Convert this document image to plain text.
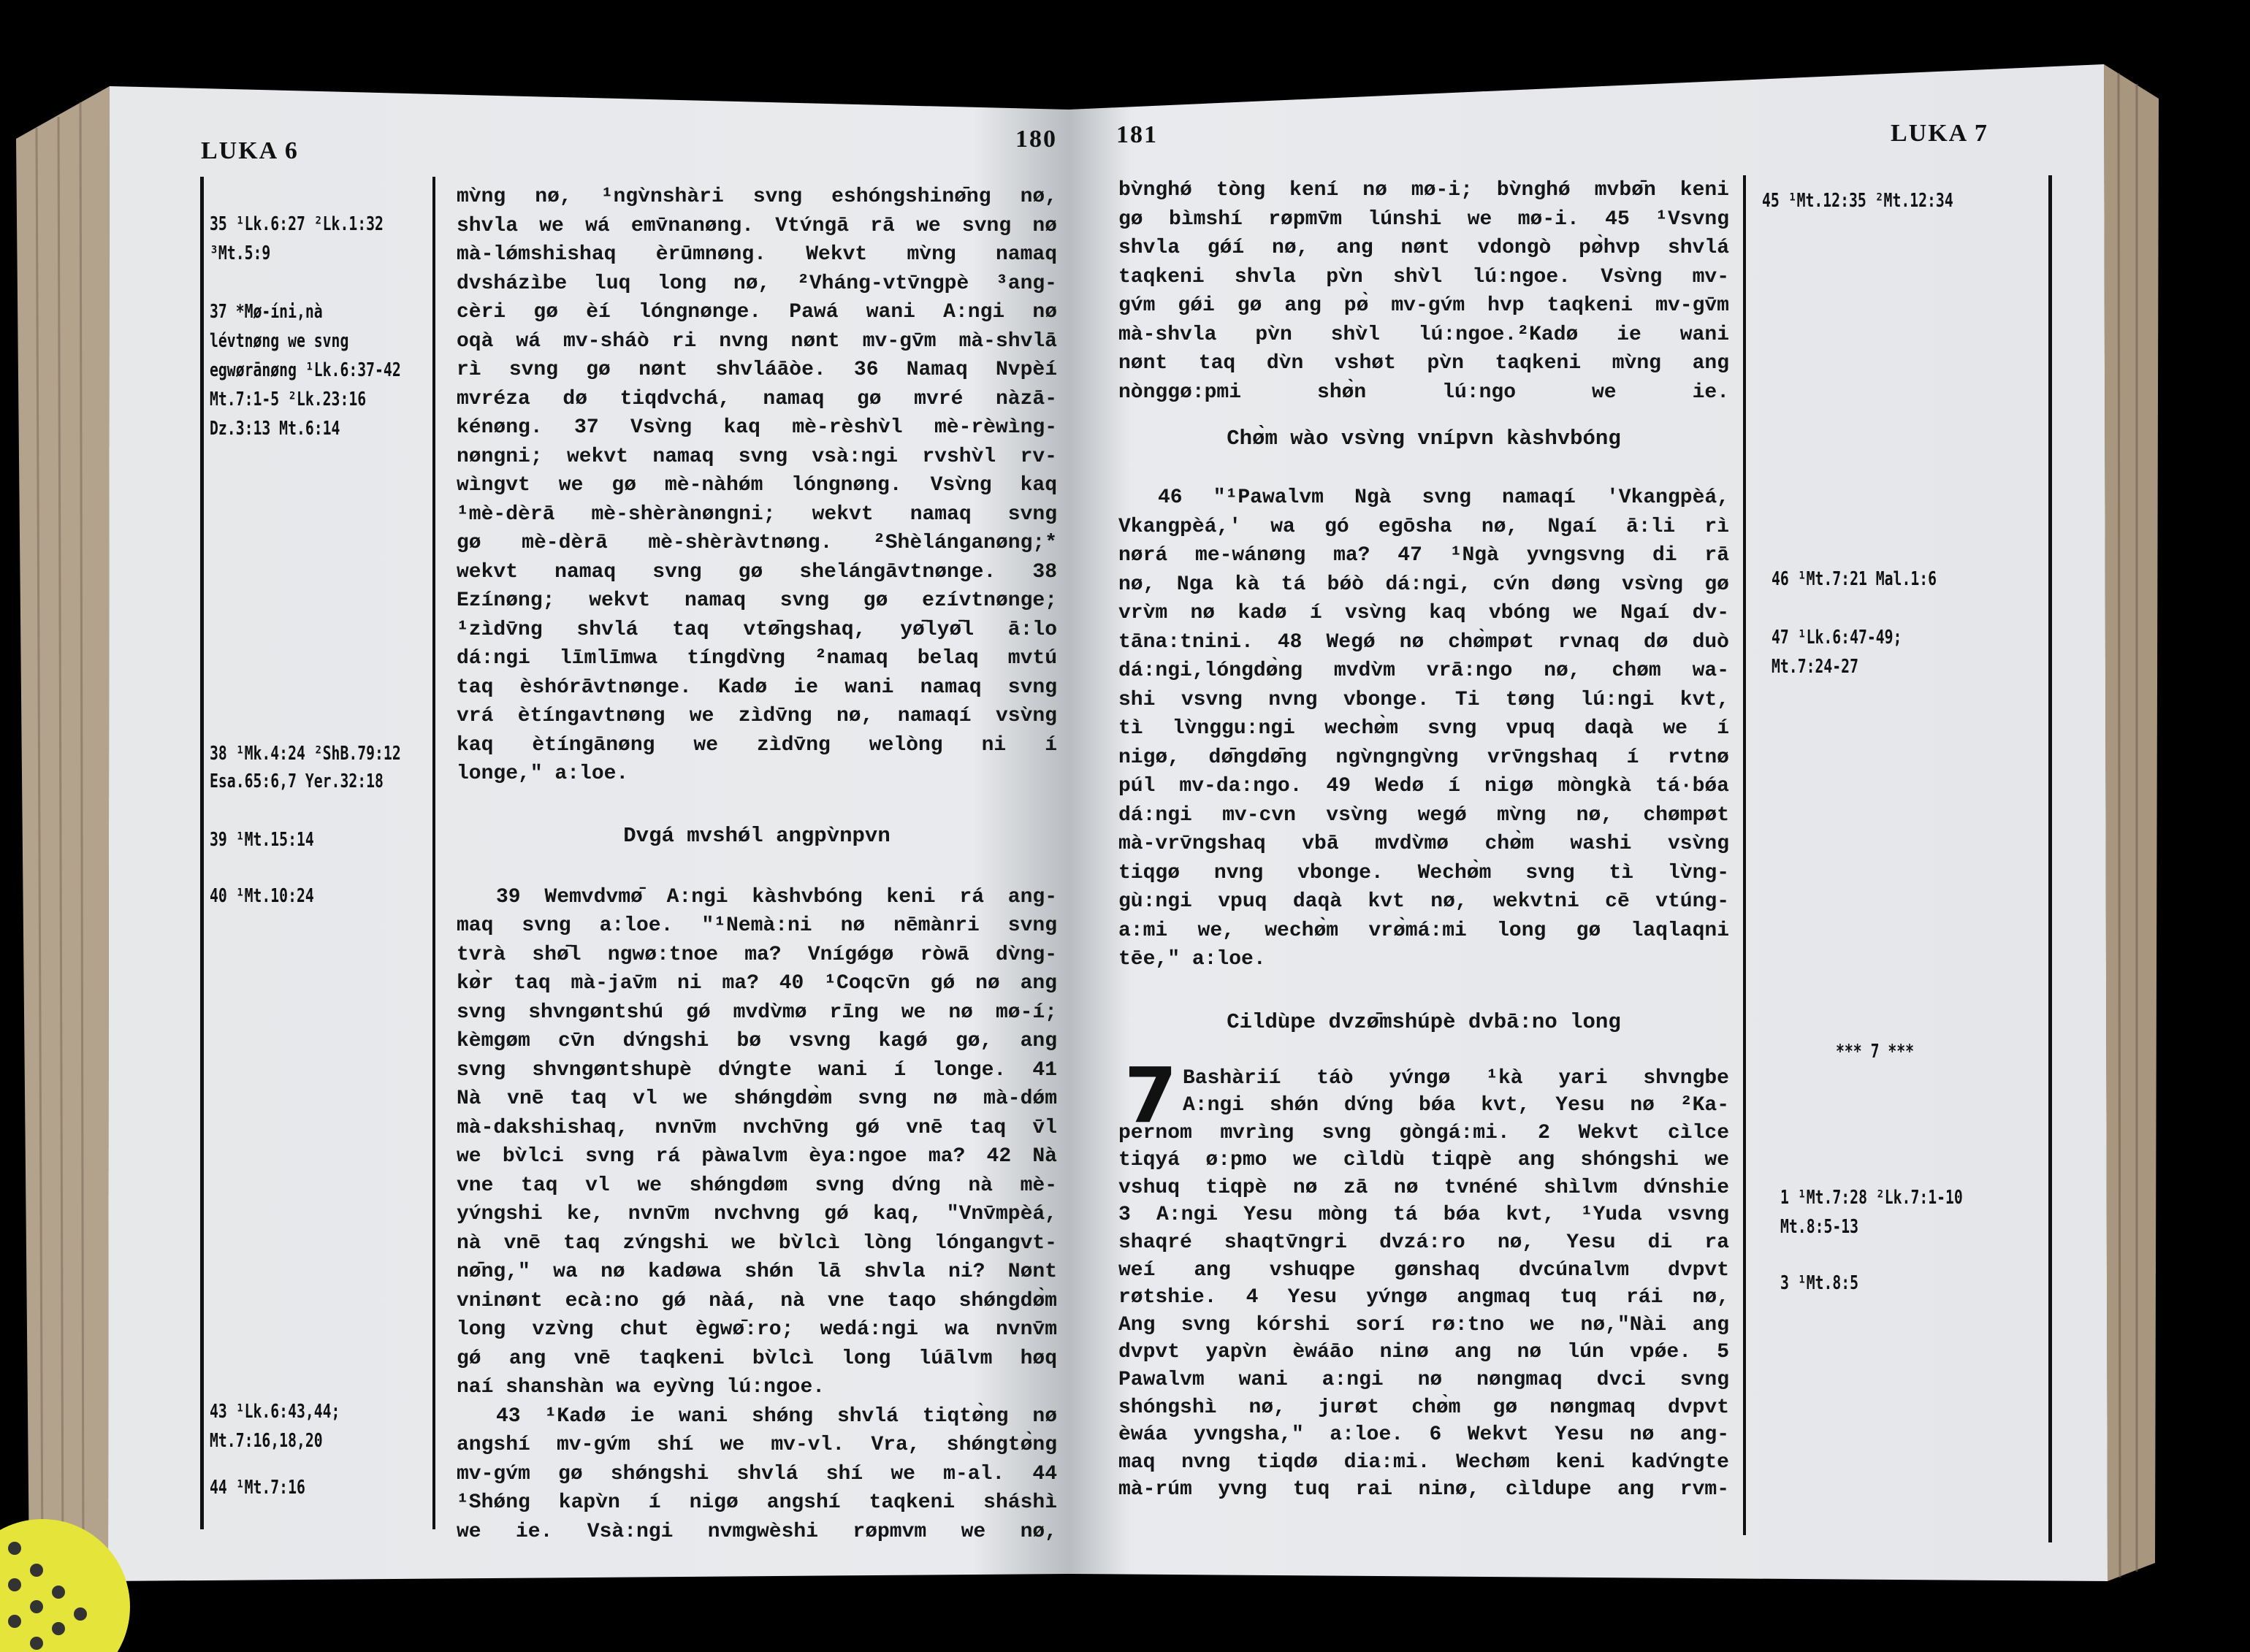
LUKA 6	180 181	LUKA 7
35 ¹Lk.6:27 ²Lk.1:32
³Mt.5:9
37 *Mø-íni,nà
lévtnøng we svng
egwørānøng ¹Lk.6:37-42
Mt.7:1-5 ²Lk.23:16
Dz.3:13 Mt.6:14
38 ¹Mk.4:24 ²ShB.79:12
Esa.65:6,7 Yer.32:18
39 ¹Mt.15:14
40 ¹Mt.10:24
43 ¹Lk.6:43,44;
Mt.7:16,18,20
44 ¹Mt.7:16
45 ¹Mt.12:35 ²Mt.12:34
46 ¹Mt.7:21 Mal.1:6
47 ¹Lk.6:47-49;
Mt.7:24-27
*** 7 ***
1 ¹Mt.7:28 ²Lk.7:1-10
Mt.8:5-13
3 ¹Mt.8:5
mv̀ng nø, ¹ngv̀nshàri svng eshóngshinø̄ng nø,
shvla we wá emv̄nanøng. Vtv́ngā rā we svng nø
mà-lǿmshishaq èrūmnøng. Wekvt mv̀ng namaq
dvsházìbe luq long nø, ²Vháng-vtv̄ngpè ³ang-
cèri gø èí lóngnønge. Pawá wani A:ngi nø
oqà wá mv-sháò ri nvng nønt mv-gv̄m mà-shvlā
rì svng gø nønt shvláāòe. 36 Namaq Nvpèí
mvréza dø tiqdvchá, namaq gø mvré nàzā-
kénøng. 37 Vsv̀ng kaq mè-rèshv̀l mè-rèwìng-
nøngni; wekvt namaq svng vsà:ngi rvshv̀l rv-
wìngvt we gø mè-nàhǿm lóngnøng. Vsv̀ng kaq
¹mè-dèrā mè-shèrànøngni; wekvt namaq svng
gø mè-dèrā mè-shèràvtnøng. ²Shèlánganøng;*
wekvt namaq svng gø shelángāvtnønge. 38
Ezínøng; wekvt namaq svng gø ezívtnønge;
¹zìdv̄ng shvlá taq vtø̄ngshaq, yø̄lyø̄l ā:lo
dá:ngi līmlīmwa tíngdv̀ng ²namaq belaq mvtú
taq èshórāvtnønge. Kadø ie wani namaq svng
vrá ètíngavtnøng we zìdv̄ng nø, namaqí vsv̀ng
kaq ètíngānøng we zìdv̄ng welòng ni í
longe," a:loe.
Dvgá mvshǿl angpv̀npvn
39 Wemvdvmø̄ A:ngi kàshvbóng keni rá ang-
maq svng a:loe. "¹Nemà:ni nø nēmànri svng
tvrà shø̄l ngwø:tnoe ma? Vnígǿgø ròwā dv̀ng-
kø̀r taq mà-jav̄m ni ma? 40 ¹Coqcv̄n gǿ nø ang
svng shvngøntshú gǿ mvdv̀mø rīng we nø mø-í;
kèmgøm cv̄n dv́ngshi bø vsvng kagǿ gø, ang
svng shvngøntshupè dv́ngte wani í longe. 41
Nà vnē taq vl we shǿngdø̀m svng nø mà-dǿm
mà-dakshishaq, nvnv̄m nvchv̄ng gǿ vnē taq v̄l
we bv̀lci svng rá pàwalvm èya:ngoe ma? 42 Nà
vne taq vl we shǿngdøm svng dv́ng nà mè-
yv́ngshi ke, nvnv̄m nvchvng gǿ kaq, "Vnv̄mpèá,
nà vnē taq zv́ngshi we bv̀lcì lòng lóngangvt-
nø̄ng," wa nø kadøwa shǿn lā shvla ni? Nønt
vninønt ecà:no gǿ nàá, nà vne taqo shǿngdø̀m
long vzv̀ng chut ègwø̄:ro; wedá:ngi wa nvnv̄m
gǿ ang vnē taqkeni bv̀lcì long lúālvm høq
naí shanshàn wa eyv̀ng lú:ngoe.
43 ¹Kadø ie wani shǿng shvlá tiqtø̀ng nø
angshí mv-gv́m shí we mv-vl. Vra, shǿngtø̀ng
mv-gv́m gø shǿngshi shvlá shí we m-al. 44
¹Shǿng kapv̀n í nigø angshí taqkeni sháshì
we ie. Vsà:ngi nvmgwèshi røpmvm we nø,
bv̀nghǿ tòng kení nø mø-i; bv̀nghǿ mvbø̄n keni
gø bìmshí røpmv̄m lúnshi we mø-i. 45 ¹Vsvng
shvla gǿí nø, ang nønt vdongò pø̀hvp shvlá
taqkeni shvla pv̀n shv̀l lú:ngoe. Vsv̀ng mv-
gv́m gǿi gø ang pø̀ mv-gv́m hvp taqkeni mv-gv̄m
mà-shvla pv̀n shv̀l lú:ngoe.²Kadø ie wani
nønt taq dv̀n vshøt pv̀n taqkeni mv̀ng ang
nònggø:pmi shø̀n lú:ngo we ie.
Chø̀m wào vsv̀ng vnípvn kàshvbóng
46 "¹Pawalvm Ngà svng namaqí 'Vkangpèá,
Vkangpèá,' wa gó egōsha nø, Ngaí ā:li rì
nørá me-wánøng ma? 47 ¹Ngà yvngsvng di rā
nø, Nga kà tá bǿò dá:ngi, cv́n døng vsv̀ng gø
vrv̀m nø kadø í vsv̀ng kaq vbóng we Ngaí dv-
tāna:tnini. 48 Wegǿ nø chø̀mpøt rvnaq dø duò
dá:ngi,lóngdø̀ng mvdv̀m vrā:ngo nø, chøm wa-
shi vsvng nvng vbonge. Ti tøng lú:ngi kvt,
tì lv̀nggu:ngi wechø̀m svng vpuq daqà we í
nigø, dø̄ngdø̄ng ngv̀ngngv̀ng vrv̄ngshaq í rvtnø
púl mv-da:ngo. 49 Wedø í nigø mòngkà tá·bǿa
dá:ngi mv-cvn vsv̀ng wegǿ mv̀ng nø, chømpøt
mà-vrv̄ngshaq vbā mvdv̀mø chø̀m washi vsv̀ng
tiqgø nvng vbonge. Wechø̀m svng tì lv̀ng-
gù:ngi vpuq daqà kvt nø, wekvtni cē vtúng-
a:mi we, wechø̀m vrø̀má:mi long gø laqlaqni
tēe," a:loe.
Cildùpe dvzø̄mshúpè dvbā:no long
7 Bashàrií táò yv́ngø ¹kà yari shvngbe
A:ngi shǿn dv́ng bǿa kvt, Yesu nø ²Ka-
pernom mvrìng svng gòngá:mi. 2 Wekvt cìlce
tiqyá ø:pmo we cìldù tiqpè ang shóngshi we
vshuq tiqpè nø zā nø tvnéné shìlvm dv́nshie
3 A:ngi Yesu mòng tá bǿa kvt, ¹Yuda vsvng
shaqré shaqtv̄ngri dvzá:ro nø, Yesu di ra
weí ang vshuqpe gønshaq dvcúnalvm dvpvt
røtshie. 4 Yesu yv́ngø angmaq tuq rái nø,
Ang svng kórshi sorí rø:tno we nø,"Nài ang
dvpvt yapv̀n èwáāo ninø ang nø lún vpǿe. 5
Pawalvm wani a:ngi nø nøngmaq dvci svng
shóngshì nø, jurøt chø̀m gø nøngmaq dvpvt
èwáa yvngsha," a:loe. 6 Wekvt Yesu nø ang-
maq nvng tiqdø dia:mi. Wechøm keni kadv́ngte
mà-rúm yvng tuq rai ninø, cìldupe ang rvm-
